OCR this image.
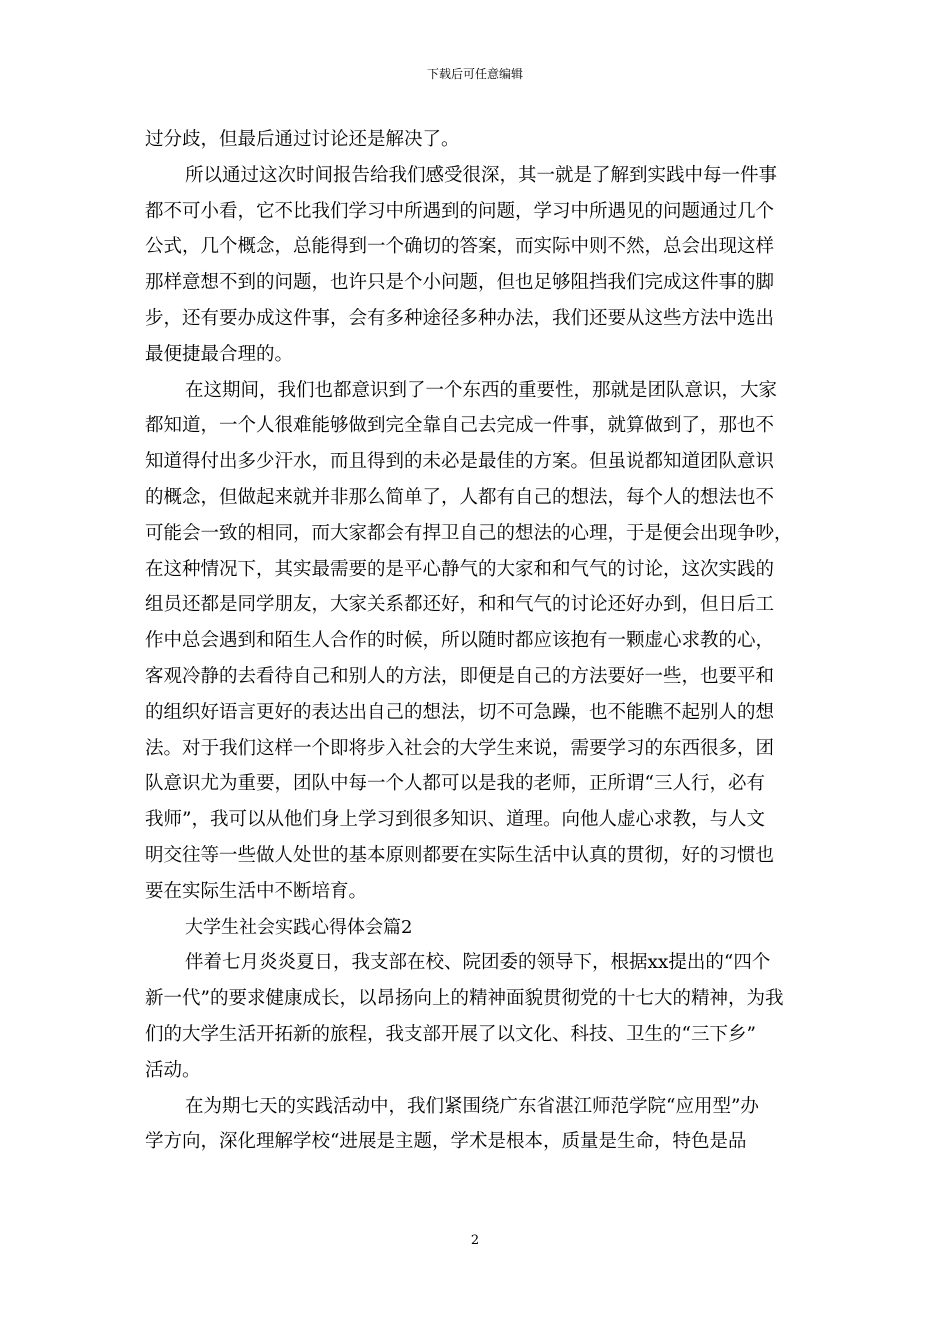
下载后可任意编辑
过分歧，但最后通过讨论还是解决了。
所以通过这次时间报告给我们感受很深，其一就是了解到实践中每一件事
都不可小看，它不比我们学习中所遇到的问题，学习中所遇见的问题通过几个
公式，几个概念，总能得到一个确切的答案，而实际中则不然，总会出现这样
那样意想不到的问题，也许只是个小问题，但也足够阻挡我们完成这件事的脚
步，还有要办成这件事，会有多种途径多种办法，我们还要从这些方法中选出
最便捷最合理的。
在这期间，我们也都意识到了一个东西的重要性，那就是团队意识，大家
都知道，一个人很难能够做到完全靠自己去完成一件事，就算做到了，那也不
知道得付出多少汗水，而且得到的未必是最佳的方案。但虽说都知道团队意识
的概念，但做起来就并非那么简单了，人都有自己的想法，每个人的想法也不
可能会一致的相同，而大家都会有捍卫自己的想法的心理，于是便会出现争吵，
在这种情况下，其实最需要的是平心静气的大家和和气气的讨论，这次实践的
组员还都是同学朋友，大家关系都还好，和和气气的讨论还好办到，但日后工
作中总会遇到和陌生人合作的时候，所以随时都应该抱有一颗虚心求教的心，
客观冷静的去看待自己和别人的方法，即便是自己的方法要好一些，也要平和
的组织好语言更好的表达出自己的想法，切不可急躁，也不能瞧不起别人的想
法。对于我们这样一个即将步入社会的大学生来说，需要学习的东西很多，团
队意识尤为重要，团队中每一个人都可以是我的老师，正所谓“三人行，必有
我师”，我可以从他们身上学习到很多知识、道理。向他人虚心求教，与人文
明交往等一些做人处世的基本原则都要在实际生活中认真的贯彻，好的习惯也
要在实际生活中不断培育。
大学生社会实践心得体会篇2
伴着七月炎炎夏日，我支部在校、院团委的领导下，根据xx提出的“四个
新一代”的要求健康成长，以昂扬向上的精神面貌贯彻党的十七大的精神，为我
们的大学生活开拓新的旅程，我支部开展了以文化、科技、卫生的“三下乡”
活动。
在为期七天的实践活动中，我们紧围绕广东省湛江师范学院“应用型”办
学方向，深化理解学校“进展是主题，学术是根本，质量是生命，特色是品
2
